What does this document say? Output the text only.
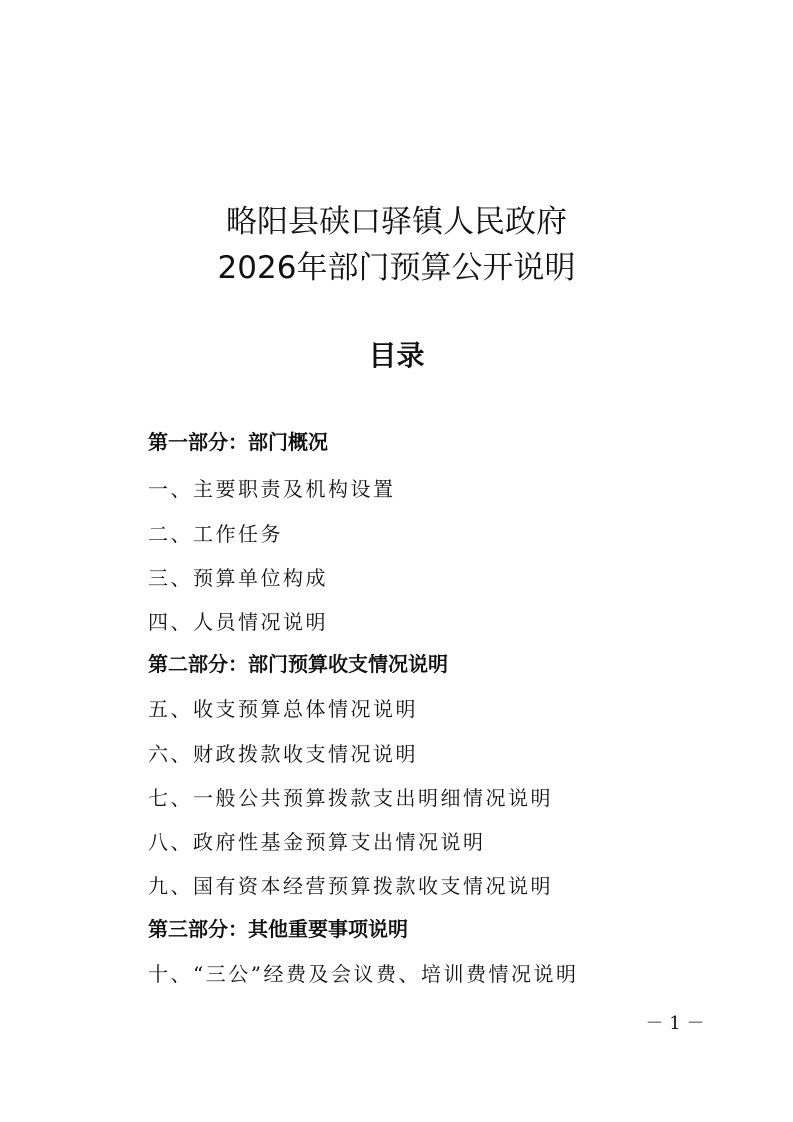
略阳县硖口驿镇人民政府
2026年部门预算公开说明
目录
第一部分：部门概况
一、主要职责及机构设置
二、工作任务
三、预算单位构成
四、人员情况说明
第二部分：部门预算收支情况说明
五、收支预算总体情况说明
六、财政拨款收支情况说明
七、一般公共预算拨款支出明细情况说明
八、政府性基金预算支出情况说明
九、国有资本经营预算拨款收支情况说明
第三部分：其他重要事项说明
十、“三公”经费及会议费、培训费情况说明
－ 1 －
